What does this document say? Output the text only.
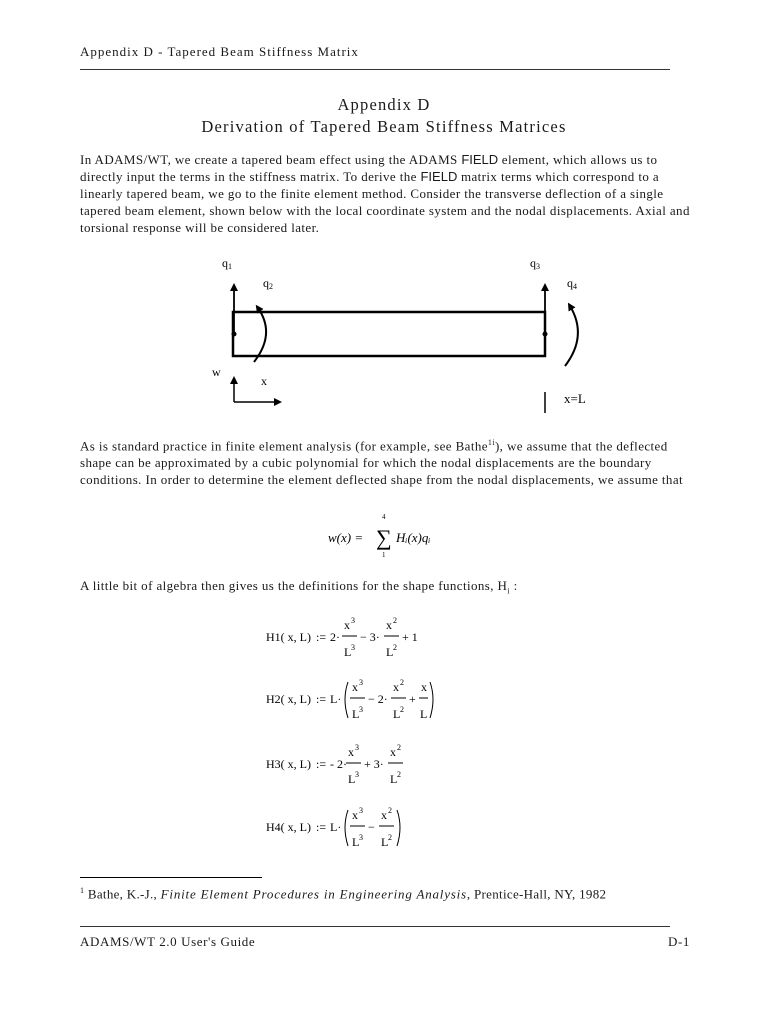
Appendix D - Tapered Beam Stiffness Matrix
Appendix D
Derivation of Tapered Beam Stiffness Matrices
In ADAMS/WT, we create a tapered beam effect using the ADAMS FIELD element, which allows us to directly input the terms in the stiffness matrix. To derive the FIELD matrix terms which correspond to a linearly tapered beam, we go to the finite element method. Consider the transverse deflection of a single tapered beam element, shown below with the local coordinate system and the nodal displacements. Axial and torsional response will be considered later.
q1
q2
q3
q4
w
x
x=L
As is standard practice in finite element analysis (for example, see Bathe$^{1i}$), we assume that the deflected shape can be approximated by a cubic polynomial for which the nodal displacements are the boundary conditions. In order to determine the element deflected shape from the nodal displacements, we assume that
w(x) = ∑
4
1
Hᵢ(x)qᵢ
A little bit of algebra then gives us the definitions for the shape functions, $H_i$ :
H1( x, L) := 2·
x 3
L 3
− 3·
x 2
L 2
+ 1
H2( x, L) := L·
x 3
L 3
− 2·
x 2
L 2
+
x
L
H3( x, L) := - 2·
x 3
L 3
+ 3·
x 2
L 2
H4( x, L) := L·
x 3
L 3
−
x 2
L 2
$^1$ Bathe, K.-J., Finite Element Procedures in Engineering Analysis, Prentice-Hall, NY, 1982
ADAMS/WT 2.0 User's Guide	D-1
